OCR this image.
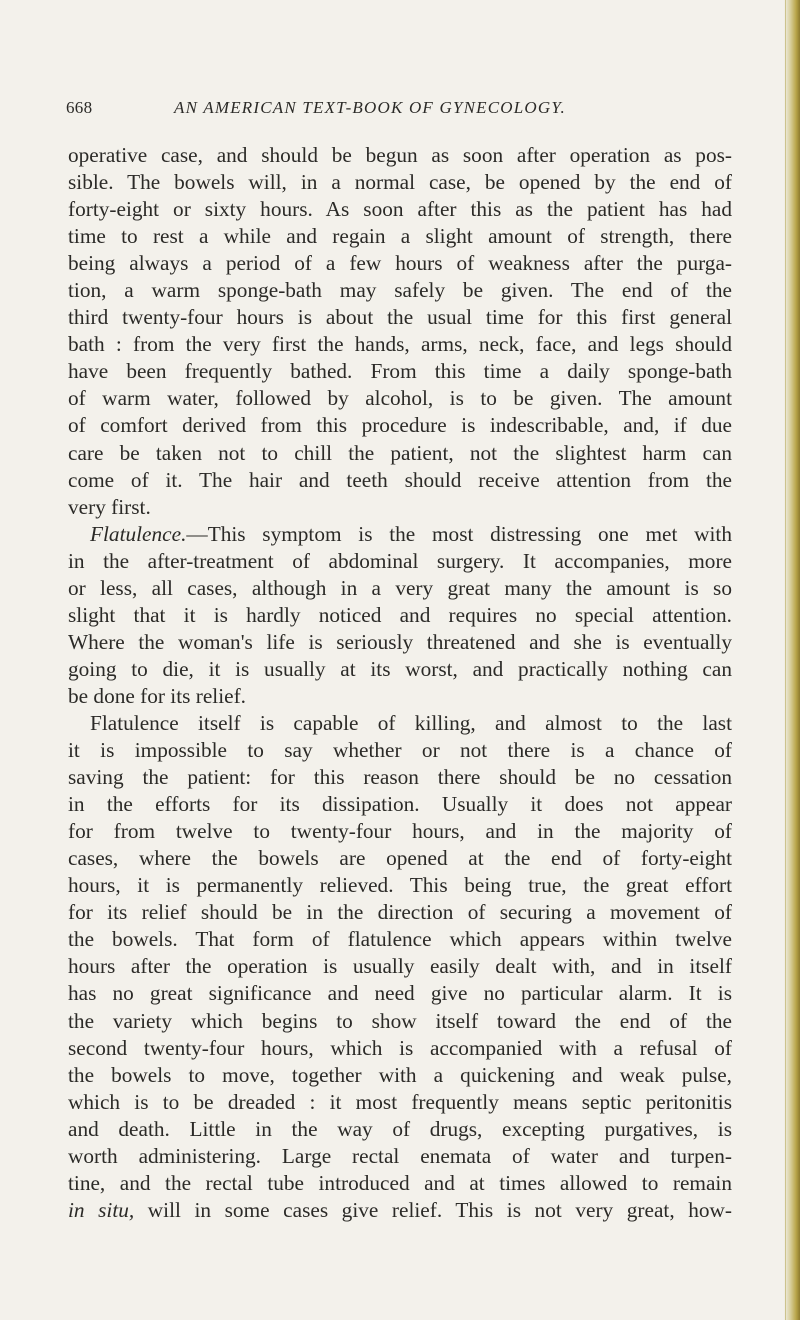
668	AN AMERICAN TEXT-BOOK OF GYNECOLOGY.
operative case, and should be begun as soon after operation as pos-
sible. The bowels will, in a normal case, be opened by the end of
forty-eight or sixty hours. As soon after this as the patient has had
time to rest a while and regain a slight amount of strength, there
being always a period of a few hours of weakness after the purga-
tion, a warm sponge-bath may safely be given. The end of the
third twenty-four hours is about the usual time for this first general
bath : from the very first the hands, arms, neck, face, and legs should
have been frequently bathed. From this time a daily sponge-bath
of warm water, followed by alcohol, is to be given. The amount
of comfort derived from this procedure is indescribable, and, if due
care be taken not to chill the patient, not the slightest harm can
come of it. The hair and teeth should receive attention from the
very first.
Flatulence.—This symptom is the most distressing one met with
in the after-treatment of abdominal surgery. It accompanies, more
or less, all cases, although in a very great many the amount is so
slight that it is hardly noticed and requires no special attention.
Where the woman's life is seriously threatened and she is eventually
going to die, it is usually at its worst, and practically nothing can
be done for its relief.
Flatulence itself is capable of killing, and almost to the last
it is impossible to say whether or not there is a chance of
saving the patient: for this reason there should be no cessation
in the efforts for its dissipation. Usually it does not appear
for from twelve to twenty-four hours, and in the majority of
cases, where the bowels are opened at the end of forty-eight
hours, it is permanently relieved. This being true, the great effort
for its relief should be in the direction of securing a movement of
the bowels. That form of flatulence which appears within twelve
hours after the operation is usually easily dealt with, and in itself
has no great significance and need give no particular alarm. It is
the variety which begins to show itself toward the end of the
second twenty-four hours, which is accompanied with a refusal of
the bowels to move, together with a quickening and weak pulse,
which is to be dreaded : it most frequently means septic peritonitis
and death. Little in the way of drugs, excepting purgatives, is
worth administering. Large rectal enemata of water and turpen-
tine, and the rectal tube introduced and at times allowed to remain
in situ, will in some cases give relief. This is not very great, how-
